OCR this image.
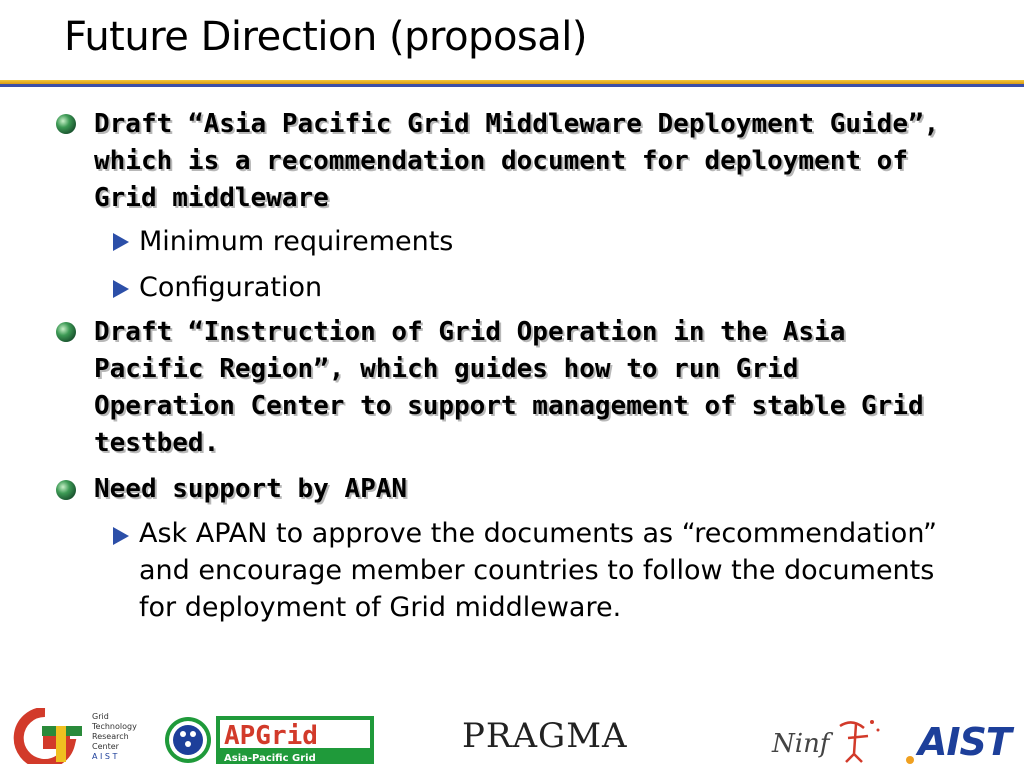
Future Direction (proposal)
Draft “Asia Pacific Grid Middleware Deployment Guide”, which is a recommendation document for deployment of Grid middleware
Minimum requirements
Configuration
Draft “Instruction of Grid Operation in the Asia Pacific Region”, which guides how to run Grid Operation Center to support management of stable Grid testbed.
Need support by APAN
Ask APAN to approve the documents as “recommendation” and encourage member countries to follow the documents for deployment of Grid middleware.
Grid
Technology
Research
Center
A I S T
APGrid
Asia-Pacific Grid
PRAGMA	Ninf AIST
